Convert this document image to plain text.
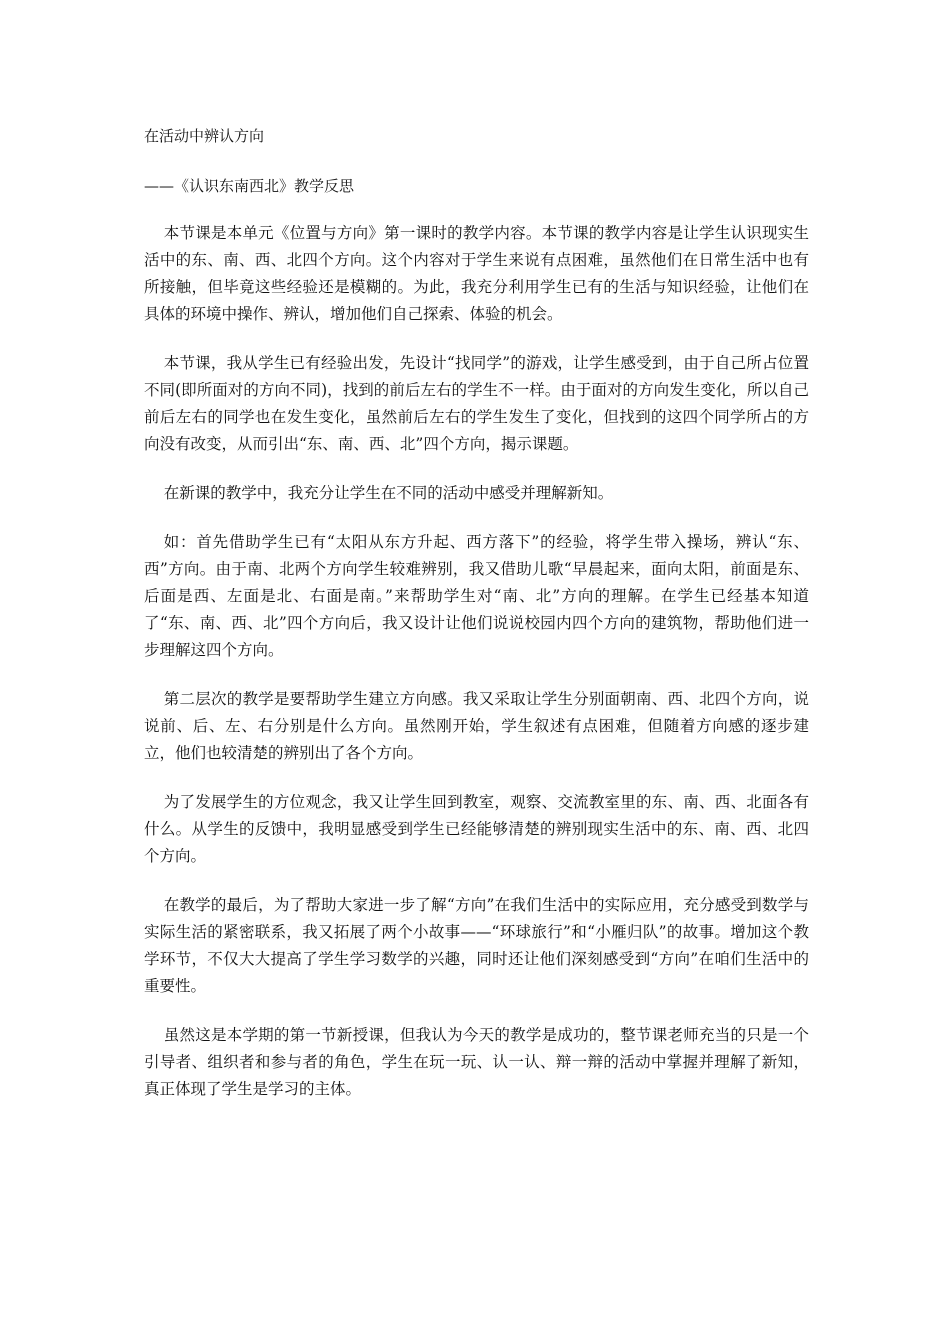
在活动中辨认方向
——《认识东南西北》教学反思

本节课是本单元《位置与方向》第一课时的教学内容。本节课的教学内容是让学生认识现实生活中的东、南、西、北四个方向。这个内容对于学生来说有点困难，虽然他们在日常生活中也有所接触，但毕竟这些经验还是模糊的。为此，我充分利用学生已有的生活与知识经验，让他们在具体的环境中操作、辨认，增加他们自己探索、体验的机会。

本节课，我从学生已有经验出发，先设计“找同学”的游戏，让学生感受到，由于自己所占位置不同(即所面对的方向不同)，找到的前后左右的学生不一样。由于面对的方向发生变化，所以自己前后左右的同学也在发生变化，虽然前后左右的学生发生了变化，但找到的这四个同学所占的方向没有改变，从而引出“东、南、西、北”四个方向，揭示课题。

在新课的教学中，我充分让学生在不同的活动中感受并理解新知。

如：首先借助学生已有“太阳从东方升起、西方落下”的经验，将学生带入操场，辨认“东、西”方向。由于南、北两个方向学生较难辨别，我又借助儿歌“早晨起来，面向太阳，前面是东、后面是西、左面是北、右面是南。”来帮助学生对“南、北”方向的理解。在学生已经基本知道了“东、南、西、北”四个方向后，我又设计让他们说说校园内四个方向的建筑物，帮助他们进一步理解这四个方向。

第二层次的教学是要帮助学生建立方向感。我又采取让学生分别面朝南、西、北四个方向，说说前、后、左、右分别是什么方向。虽然刚开始，学生叙述有点困难，但随着方向感的逐步建立，他们也较清楚的辨别出了各个方向。

为了发展学生的方位观念，我又让学生回到教室，观察、交流教室里的东、南、西、北面各有什么。从学生的反馈中，我明显感受到学生已经能够清楚的辨别现实生活中的东、南、西、北四个方向。

在教学的最后，为了帮助大家进一步了解“方向”在我们生活中的实际应用，充分感受到数学与实际生活的紧密联系，我又拓展了两个小故事——“环球旅行”和“小雁归队”的故事。增加这个教学环节，不仅大大提高了学生学习数学的兴趣，同时还让他们深刻感受到“方向”在咱们生活中的重要性。

虽然这是本学期的第一节新授课，但我认为今天的教学是成功的，整节课老师充当的只是一个引导者、组织者和参与者的角色，学生在玩一玩、认一认、辩一辩的活动中掌握并理解了新知，真正体现了学生是学习的主体。
